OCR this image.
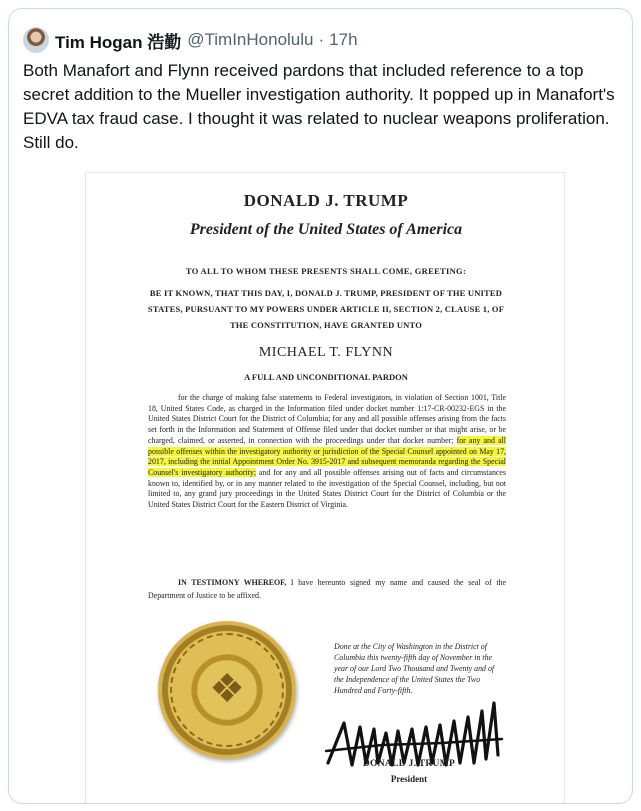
Tim Hogan 浩勤 @TimInHonolulu · 17h
Both Manafort and Flynn received pardons that included reference to a top secret addition to the Mueller investigation authority. It popped up in Manafort's EDVA tax fraud case. I thought it was related to nuclear weapons proliferation. Still do.
DONALD J. TRUMP
President of the United States of America
TO ALL TO WHOM THESE PRESENTS SHALL COME, GREETING:
BE IT KNOWN, THAT THIS DAY, I, DONALD J. TRUMP, PRESIDENT OF THE UNITED STATES, PURSUANT TO MY POWERS UNDER ARTICLE II, SECTION 2, CLAUSE 1, OF THE CONSTITUTION, HAVE GRANTED UNTO
MICHAEL T. FLYNN
A FULL AND UNCONDITIONAL PARDON
for the charge of making false statements to Federal investigators, in violation of Section 1001, Title 18, United States Code, as charged in the Information filed under docket number 1:17-CR-00232-EGS in the United States District Court for the District of Columbia; for any and all possible offenses arising from the facts set forth in the Information and Statement of Offense filed under that docket number or that might arise, or be charged, claimed, or asserted, in connection with the proceedings under that docket number; for any and all possible offenses within the investigatory authority or jurisdiction of the Special Counsel appointed on May 17, 2017, including the initial Appointment Order No. 3915-2017 and subsequent memoranda regarding the Special Counsel's investigatory authority; and for any and all possible offenses arising out of facts and circumstances known to, identified by, or in any manner related to the investigation of the Special Counsel, including, but not limited to, any grand jury proceedings in the United States District Court for the District of Columbia or the United States District Court for the Eastern District of Virginia.
IN TESTIMONY WHEREOF, I have hereunto signed my name and caused the seal of the Department of Justice to be affixed.
❖
Done at the City of Washington in the District of Columbia this twenty-fifth day of November in the year of our Lord Two Thousand and Twenty and of the Independence of the United States the Two Hundred and Forty-fifth.
DONALD J. TRUMP
President
